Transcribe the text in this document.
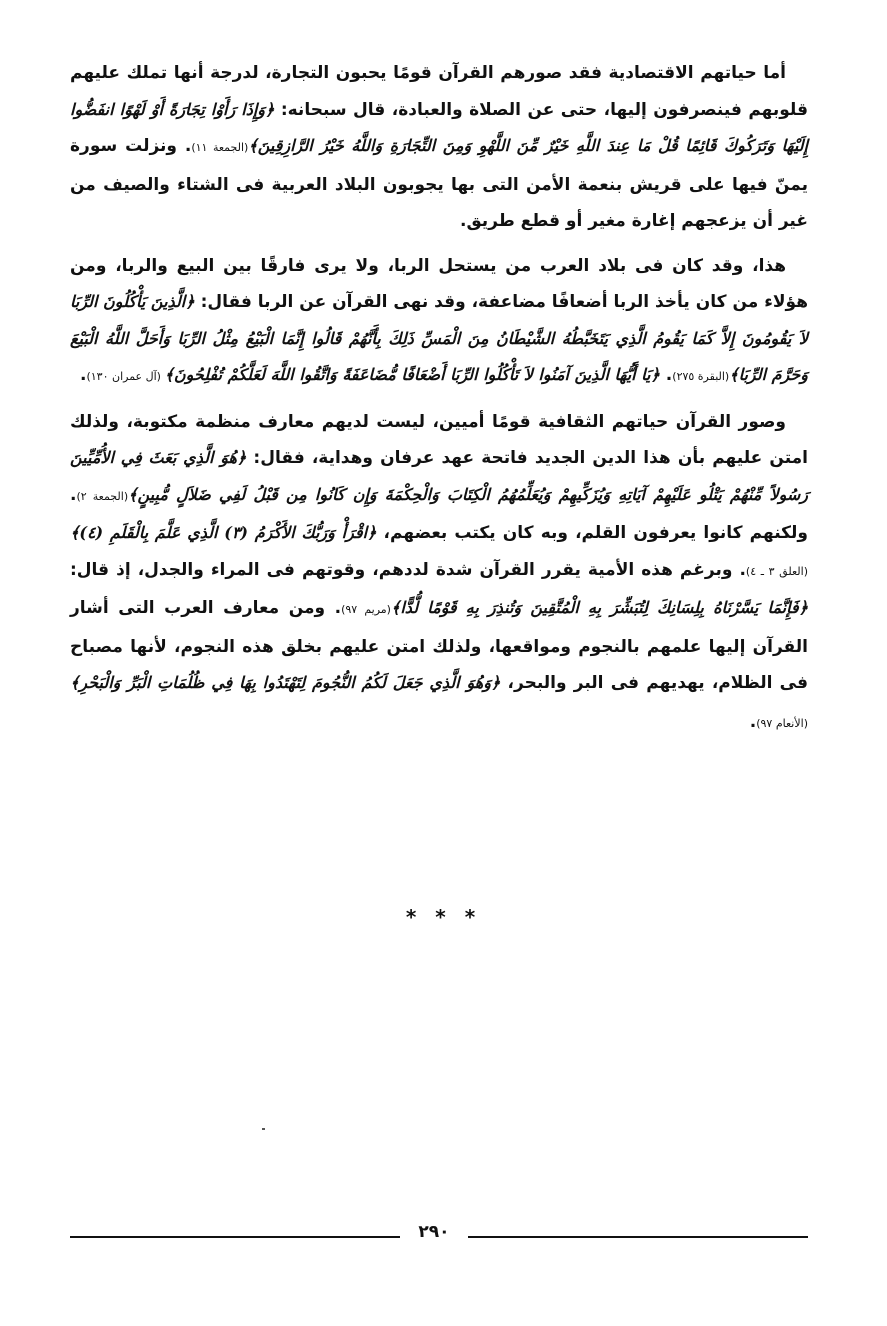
أما حياتهم الاقتصادية فقد صورهم القرآن قومًا يحبون التجارة، لدرجة أنها تملك عليهم قلوبهم فينصرفون إليها، حتى عن الصلاة والعبادة، قال سبحانه: ﴿وَإِذَا رَأَوْا تِجَارَةً أَوْ لَهْوًا انفَضُّوا إِلَيْهَا وَتَرَكُوكَ قَائِمًا قُلْ مَا عِندَ اللَّهِ خَيْرٌ مِّنَ اللَّهْوِ وَمِنَ التِّجَارَةِ وَاللَّهُ خَيْرُ الرَّازِقِينَ﴾(الجمعة ١١). ونزلت سورة يمنّ فيها على قريش بنعمة الأمن التى بها يجوبون البلاد العربية فى الشتاء والصيف من غير أن يزعجهم إغارة مغير أو قطع طريق.

هذا، وقد كان فى بلاد العرب من يستحل الربا، ولا يرى فارقًا بين البيع والربا، ومن هؤلاء من كان يأخذ الربا أضعافًا مضاعفة، وقد نهى القرآن عن الربا فقال: ﴿الَّذِينَ يَأْكُلُونَ الرِّبَا لاَ يَقُومُونَ إِلاَّ كَمَا يَقُومُ الَّذِي يَتَخَبَّطُهُ الشَّيْطَانُ مِنَ الْمَسِّ ذَلِكَ بِأَنَّهُمْ قَالُوا إِنَّمَا الْبَيْعُ مِثْلُ الرِّبَا وَأَحَلَّ اللَّهُ الْبَيْعَ وَحَرَّمَ الرِّبَا﴾(البقرة ٢٧٥). ﴿يَا أَيُّهَا الَّذِينَ آمَنُوا لاَ تَأْكُلُوا الرِّبَا أَضْعَافًا مُّضَاعَفَةً وَاتَّقُوا اللَّهَ لَعَلَّكُمْ تُفْلِحُونَ﴾ (آل عمران ١٣٠).

وصور القرآن حياتهم الثقافية قومًا أميين، ليست لديهم معارف منظمة مكتوبة، ولذلك امتن عليهم بأن هذا الدين الجديد فاتحة عهد عرفان وهداية، فقال: ﴿هُوَ الَّذِي بَعَثَ فِي الأُمِّيِّينَ رَسُولاً مِّنْهُمْ يَتْلُو عَلَيْهِمْ آيَاتِهِ وَيُزَكِّيهِمْ وَيُعَلِّمُهُمُ الْكِتَابَ وَالْحِكْمَةَ وَإِن كَانُوا مِن قَبْلُ لَفِي ضَلاَلٍ مُّبِينٍ﴾(الجمعة ٢). ولكنهم كانوا يعرفون القلم، وبه كان يكتب بعضهم، ﴿اقْرَأْ وَرَبُّكَ الأَكْرَمُ (٣) الَّذِي عَلَّمَ بِالْقَلَمِ (٤)﴾(العلق ٣ ـ ٤). وبرغم هذه الأمية يقرر القرآن شدة لددهم، وقوتهم فى المراء والجدل، إذ قال: ﴿فَإِنَّمَا يَسَّرْنَاهُ بِلِسَانِكَ لِتُبَشِّرَ بِهِ الْمُتَّقِينَ وَتُنذِرَ بِهِ قَوْمًا لُّدًّا﴾(مريم ٩٧). ومن معارف العرب التى أشار القرآن إليها علمهم بالنجوم ومواقعها، ولذلك امتن عليهم بخلق هذه النجوم، لأنها مصباح فى الظلام، يهديهم فى البر والبحر، ﴿وَهُوَ الَّذِي جَعَلَ لَكُمُ النُّجُومَ لِتَهْتَدُوا بِهَا فِي ظُلُمَاتِ الْبَرِّ وَالْبَحْرِ﴾ (الأنعام ٩٧).

* * *
٢٩٠
